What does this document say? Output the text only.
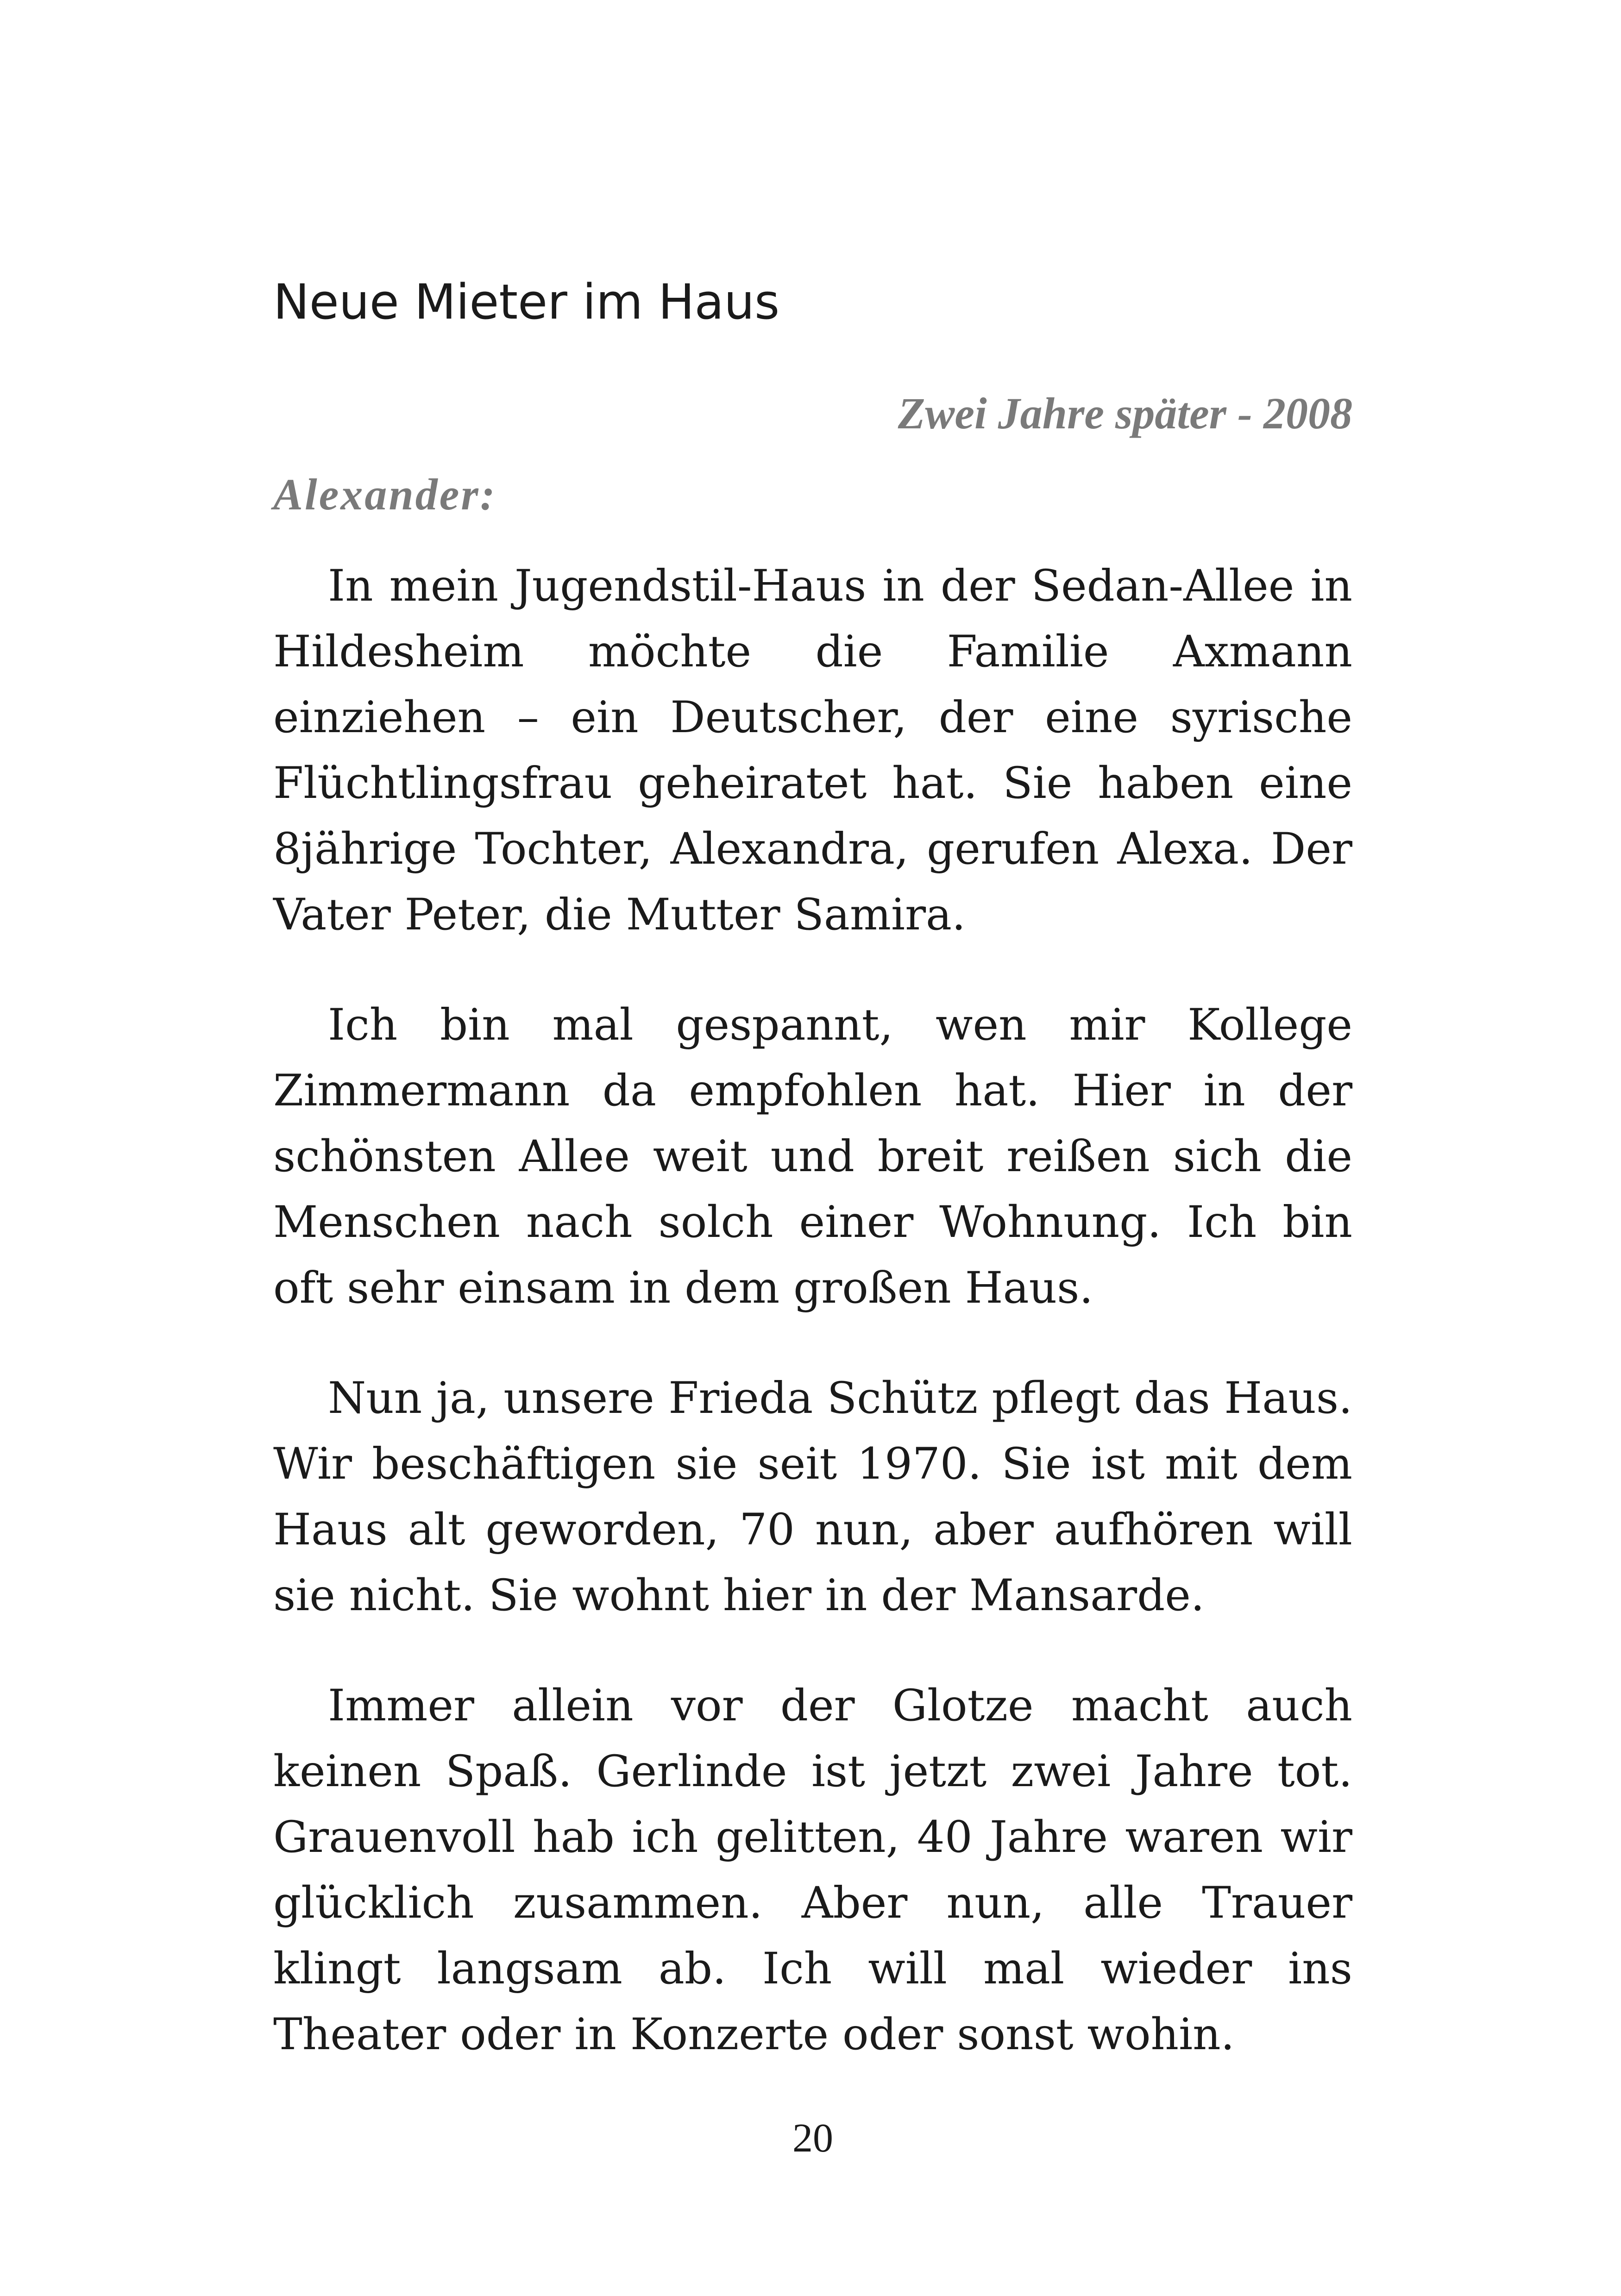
Neue Mieter im Haus

Zwei Jahre später - 2008

Alexander:

In mein Jugendstil-Haus in der Sedan-Allee in Hildesheim möchte die Familie Axmann einziehen – ein Deutscher, der eine syrische Flüchtlingsfrau geheiratet hat. Sie haben eine 8jährige Tochter, Alexandra, gerufen Alexa. Der Vater Peter, die Mutter Samira.

Ich bin mal gespannt, wen mir Kollege Zimmermann da empfohlen hat. Hier in der schönsten Allee weit und breit reißen sich die Menschen nach solch einer Wohnung. Ich bin oft sehr einsam in dem großen Haus.

Nun ja, unsere Frieda Schütz pflegt das Haus. Wir beschäftigen sie seit 1970. Sie ist mit dem Haus alt geworden, 70 nun, aber aufhören will sie nicht. Sie wohnt hier in der Mansarde.

Immer allein vor der Glotze macht auch keinen Spaß. Gerlinde ist jetzt zwei Jahre tot. Grauenvoll hab ich gelitten, 40 Jahre waren wir glücklich zusammen. Aber nun, alle Trauer klingt langsam ab. Ich will mal wieder ins Theater oder in Konzerte oder sonst wohin.

20
